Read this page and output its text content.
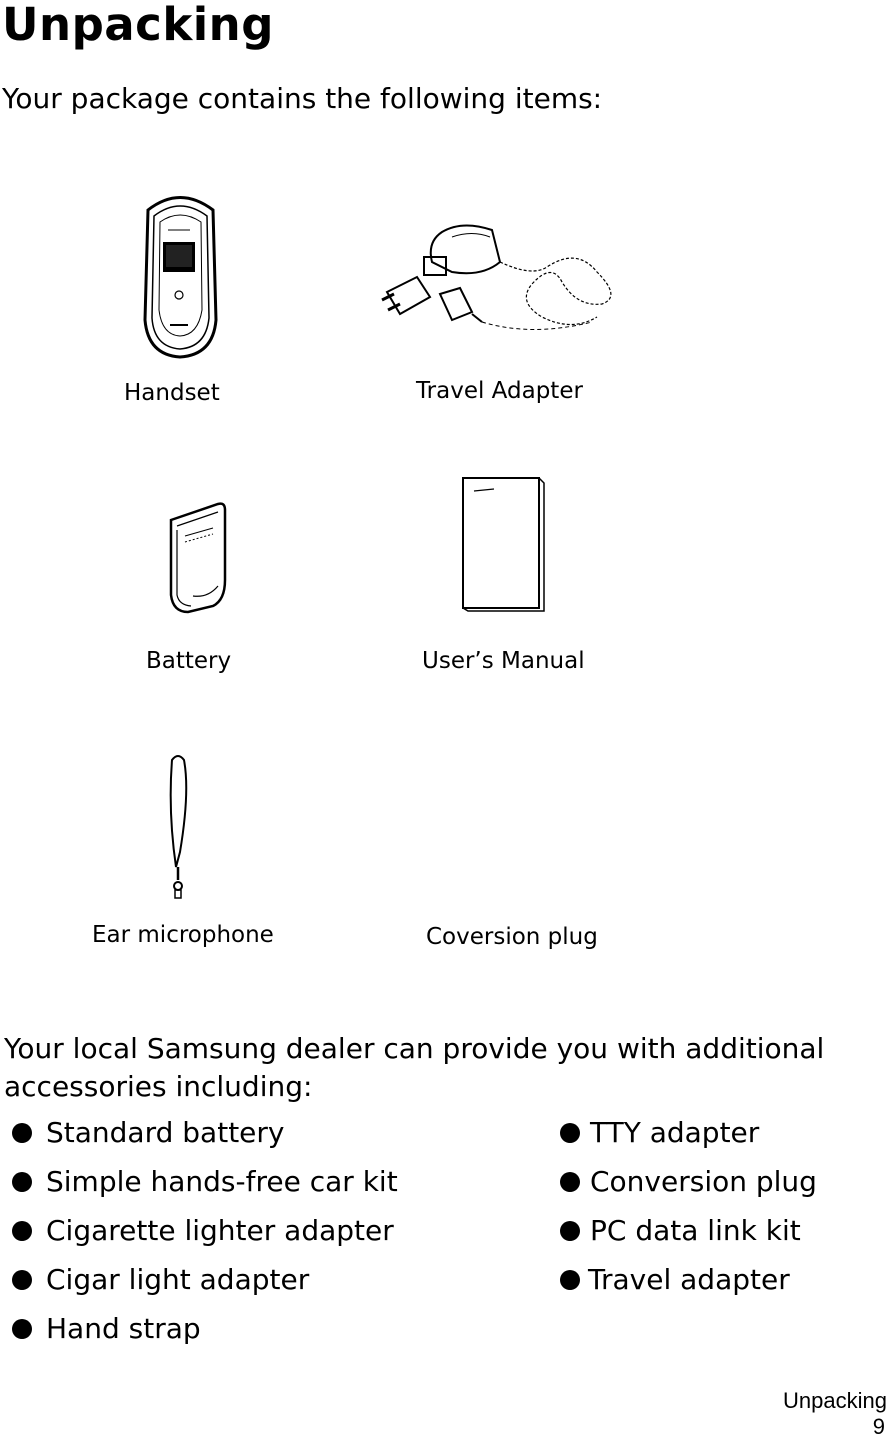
Unpacking
Your package contains the following items:
Handset	Travel Adapter
Battery	User’s Manual
Ear microphone	Coversion plug
Your local Samsung dealer can provide you with additional accessories including:
Standard battery
Simple hands-free car kit
Cigarette lighter adapter
Cigar light adapter
Hand strap
TTY adapter
Conversion plug
PC data link kit
Travel adapter
Unpacking
9
